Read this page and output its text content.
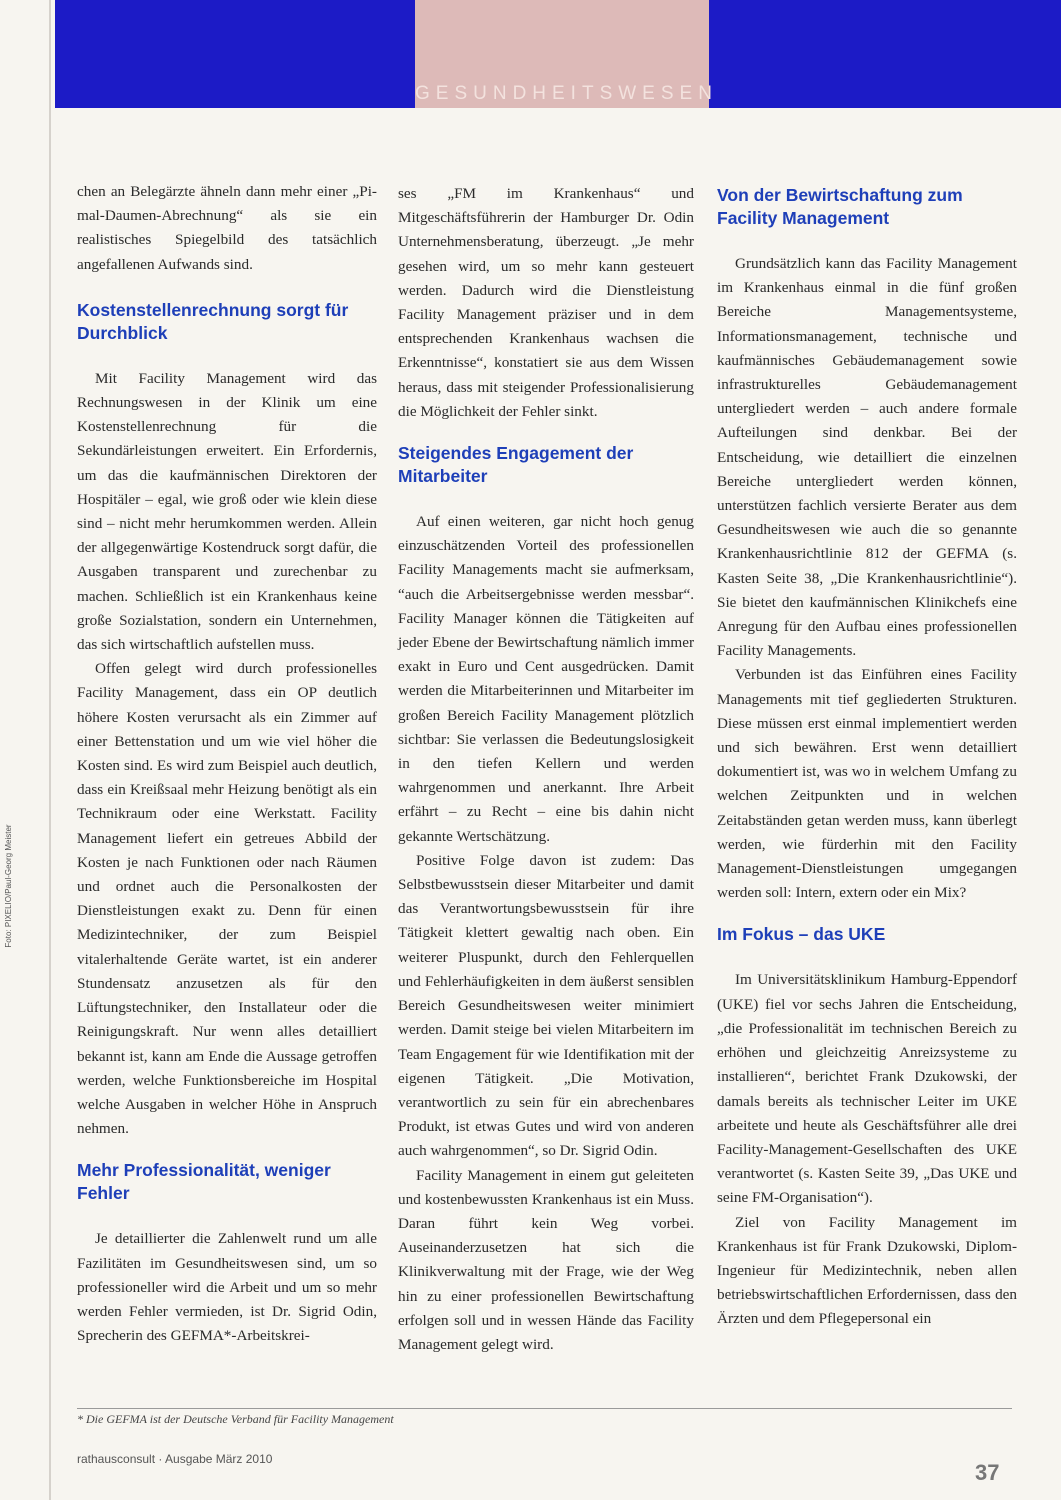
GESUNDHEITSWESEN
Foto: PIXELIO/Paul-Georg Meister

chen an Belegärzte ähneln dann mehr einer „Pi-mal-Daumen-Abrechnung“ als sie ein realistisches Spiegelbild des tatsächlich angefallenen Aufwands sind.

Kostenstellenrechnung sorgt für Durchblick

Mit Facility Management wird das Rechnungswesen in der Klinik um eine Kostenstellenrechnung für die Sekundärleistungen erweitert. Ein Erfordernis, um das die kaufmännischen Direktoren der Hospitäler – egal, wie groß oder wie klein diese sind – nicht mehr herumkommen werden. Allein der allgegenwärtige Kostendruck sorgt dafür, die Ausgaben transparent und zurechenbar zu machen. Schließlich ist ein Krankenhaus keine große Sozialstation, sondern ein Unternehmen, das sich wirtschaftlich aufstellen muss.

Offen gelegt wird durch professionelles Facility Management, dass ein OP deutlich höhere Kosten verursacht als ein Zimmer auf einer Bettenstation und um wie viel höher die Kosten sind. Es wird zum Beispiel auch deutlich, dass ein Kreißsaal mehr Heizung benötigt als ein Technikraum oder eine Werkstatt. Facility Management liefert ein getreues Abbild der Kosten je nach Funktionen oder nach Räumen und ordnet auch die Personalkosten der Dienstleistungen exakt zu. Denn für einen Medizintechniker, der zum Beispiel vitalerhaltende Geräte wartet, ist ein anderer Stundensatz anzusetzen als für den Lüftungstechniker, den Installateur oder die Reinigungskraft. Nur wenn alles detailliert bekannt ist, kann am Ende die Aussage getroffen werden, welche Funktionsbereiche im Hospital welche Ausgaben in welcher Höhe in Anspruch nehmen.

Mehr Professionalität, weniger Fehler

Je detaillierter die Zahlenwelt rund um alle Fazilitäten im Gesundheitswesen sind, um so professioneller wird die Arbeit und um so mehr werden Fehler vermieden, ist Dr. Sigrid Odin, Sprecherin des GEFMA*-Arbeitskrei-

ses „FM im Krankenhaus“ und Mitgeschäftsführerin der Hamburger Dr. Odin Unternehmensberatung, überzeugt. „Je mehr gesehen wird, um so mehr kann gesteuert werden. Dadurch wird die Dienstleistung Facility Management präziser und in dem entsprechenden Krankenhaus wachsen die Erkenntnisse“, konstatiert sie aus dem Wissen heraus, dass mit steigender Professionalisierung die Möglichkeit der Fehler sinkt.

Steigendes Engagement der Mitarbeiter

Auf einen weiteren, gar nicht hoch genug einzuschätzenden Vorteil des professionellen Facility Managements macht sie aufmerksam, “auch die Arbeitsergebnisse werden messbar“. Facility Manager können die Tätigkeiten auf jeder Ebene der Bewirtschaftung nämlich immer exakt in Euro und Cent ausgedrücken. Damit werden die Mitarbeiterinnen und Mitarbeiter im großen Bereich Facility Management plötzlich sichtbar: Sie verlassen die Bedeutungslosigkeit in den tiefen Kellern und werden wahrgenommen und anerkannt. Ihre Arbeit erfährt – zu Recht – eine bis dahin nicht gekannte Wertschätzung.

Positive Folge davon ist zudem: Das Selbstbewusstsein dieser Mitarbeiter und damit das Verantwortungsbewusstsein für ihre Tätigkeit klettert gewaltig nach oben. Ein weiterer Pluspunkt, durch den Fehlerquellen und Fehlerhäufigkeiten in dem äußerst sensiblen Bereich Gesundheitswesen weiter minimiert werden. Damit steige bei vielen Mitarbeitern im Team Engagement für wie Identifikation mit der eigenen Tätigkeit. „Die Motivation, verantwortlich zu sein für ein abrechenbares Produkt, ist etwas Gutes und wird von anderen auch wahrgenommen“, so Dr. Sigrid Odin.

Facility Management in einem gut geleiteten und kostenbewussten Krankenhaus ist ein Muss. Daran führt kein Weg vorbei. Auseinanderzusetzen hat sich die Klinikverwaltung mit der Frage, wie der Weg hin zu einer professionellen Bewirtschaftung erfolgen soll und in wessen Hände das Facility Management gelegt wird.

Von der Bewirtschaftung zum Facility Management

Grundsätzlich kann das Facility Management im Krankenhaus einmal in die fünf großen Bereiche Managementsysteme, Informationsmanagement, technische und kaufmännisches Gebäudemanagement sowie infrastrukturelles Gebäudemanagement untergliedert werden – auch andere formale Aufteilungen sind denkbar. Bei der Entscheidung, wie detailliert die einzelnen Bereiche untergliedert werden können, unterstützen fachlich versierte Berater aus dem Gesundheitswesen wie auch die so genannte Krankenhausrichtlinie 812 der GEFMA (s. Kasten Seite 38, „Die Krankenhausrichtlinie“). Sie bietet den kaufmännischen Klinikchefs eine Anregung für den Aufbau eines professionellen Facility Managements.

Verbunden ist das Einführen eines Facility Managements mit tief gegliederten Strukturen. Diese müssen erst einmal implementiert werden und sich bewähren. Erst wenn detailliert dokumentiert ist, was wo in welchem Umfang zu welchen Zeitpunkten und in welchen Zeitabständen getan werden muss, kann überlegt werden, wie fürderhin mit den Facility Management-Dienstleistungen umgegangen werden soll: Intern, extern oder ein Mix?

Im Fokus – das UKE

Im Universitätsklinikum Hamburg-Eppendorf (UKE) fiel vor sechs Jahren die Entscheidung, „die Professionalität im technischen Bereich zu erhöhen und gleichzeitig Anreizsysteme zu installieren“, berichtet Frank Dzukowski, der damals bereits als technischer Leiter im UKE arbeitete und heute als Geschäftsführer alle drei Facility-Management-Gesellschaften des UKE verantwortet (s. Kasten Seite 39, „Das UKE und seine FM-Organisation“).

Ziel von Facility Management im Krankenhaus ist für Frank Dzukowski, Diplom-Ingenieur für Medizintechnik, neben allen betriebswirtschaftlichen Erfordernissen, dass den Ärzten und dem Pflegepersonal ein

* Die GEFMA ist der Deutsche Verband für Facility Management
rathausconsult · Ausgabe März 2010
37
